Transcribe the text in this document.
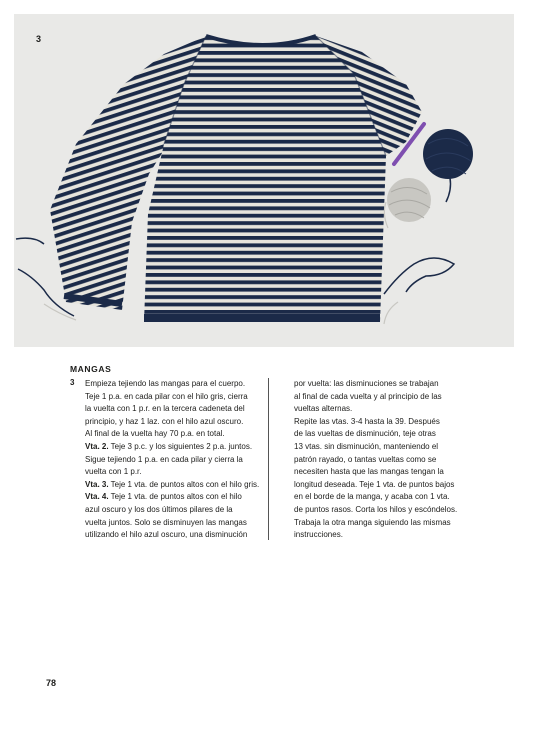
3
MANGAS
3 Empieza tejiendo las mangas para el cuerpo.
Teje 1 p.a. en cada pilar con el hilo gris, cierra
la vuelta con 1 p.r. en la tercera cadeneta del
principio, y haz 1 laz. con el hilo azul oscuro.
Al final de la vuelta hay 70 p.a. en total.
Vta. 2. Teje 3 p.c. y los siguientes 2 p.a. juntos.
Sigue tejiendo 1 p.a. en cada pilar y cierra la
vuelta con 1 p.r.
Vta. 3. Teje 1 vta. de puntos altos con el hilo gris.
Vta. 4. Teje 1 vta. de puntos altos con el hilo
azul oscuro y los dos últimos pilares de la
vuelta juntos. Solo se disminuyen las mangas
utilizando el hilo azul oscuro, una disminución
por vuelta: las disminuciones se trabajan
al final de cada vuelta y al principio de las
vueltas alternas.
Repite las vtas. 3-4 hasta la 39. Después
de las vueltas de disminución, teje otras
13 vtas. sin disminución, manteniendo el
patrón rayado, o tantas vueltas como se
necesiten hasta que las mangas tengan la
longitud deseada. Teje 1 vta. de puntos bajos
en el borde de la manga, y acaba con 1 vta.
de puntos rasos. Corta los hilos y escóndelos.
Trabaja la otra manga siguiendo las mismas
instrucciones.
78
